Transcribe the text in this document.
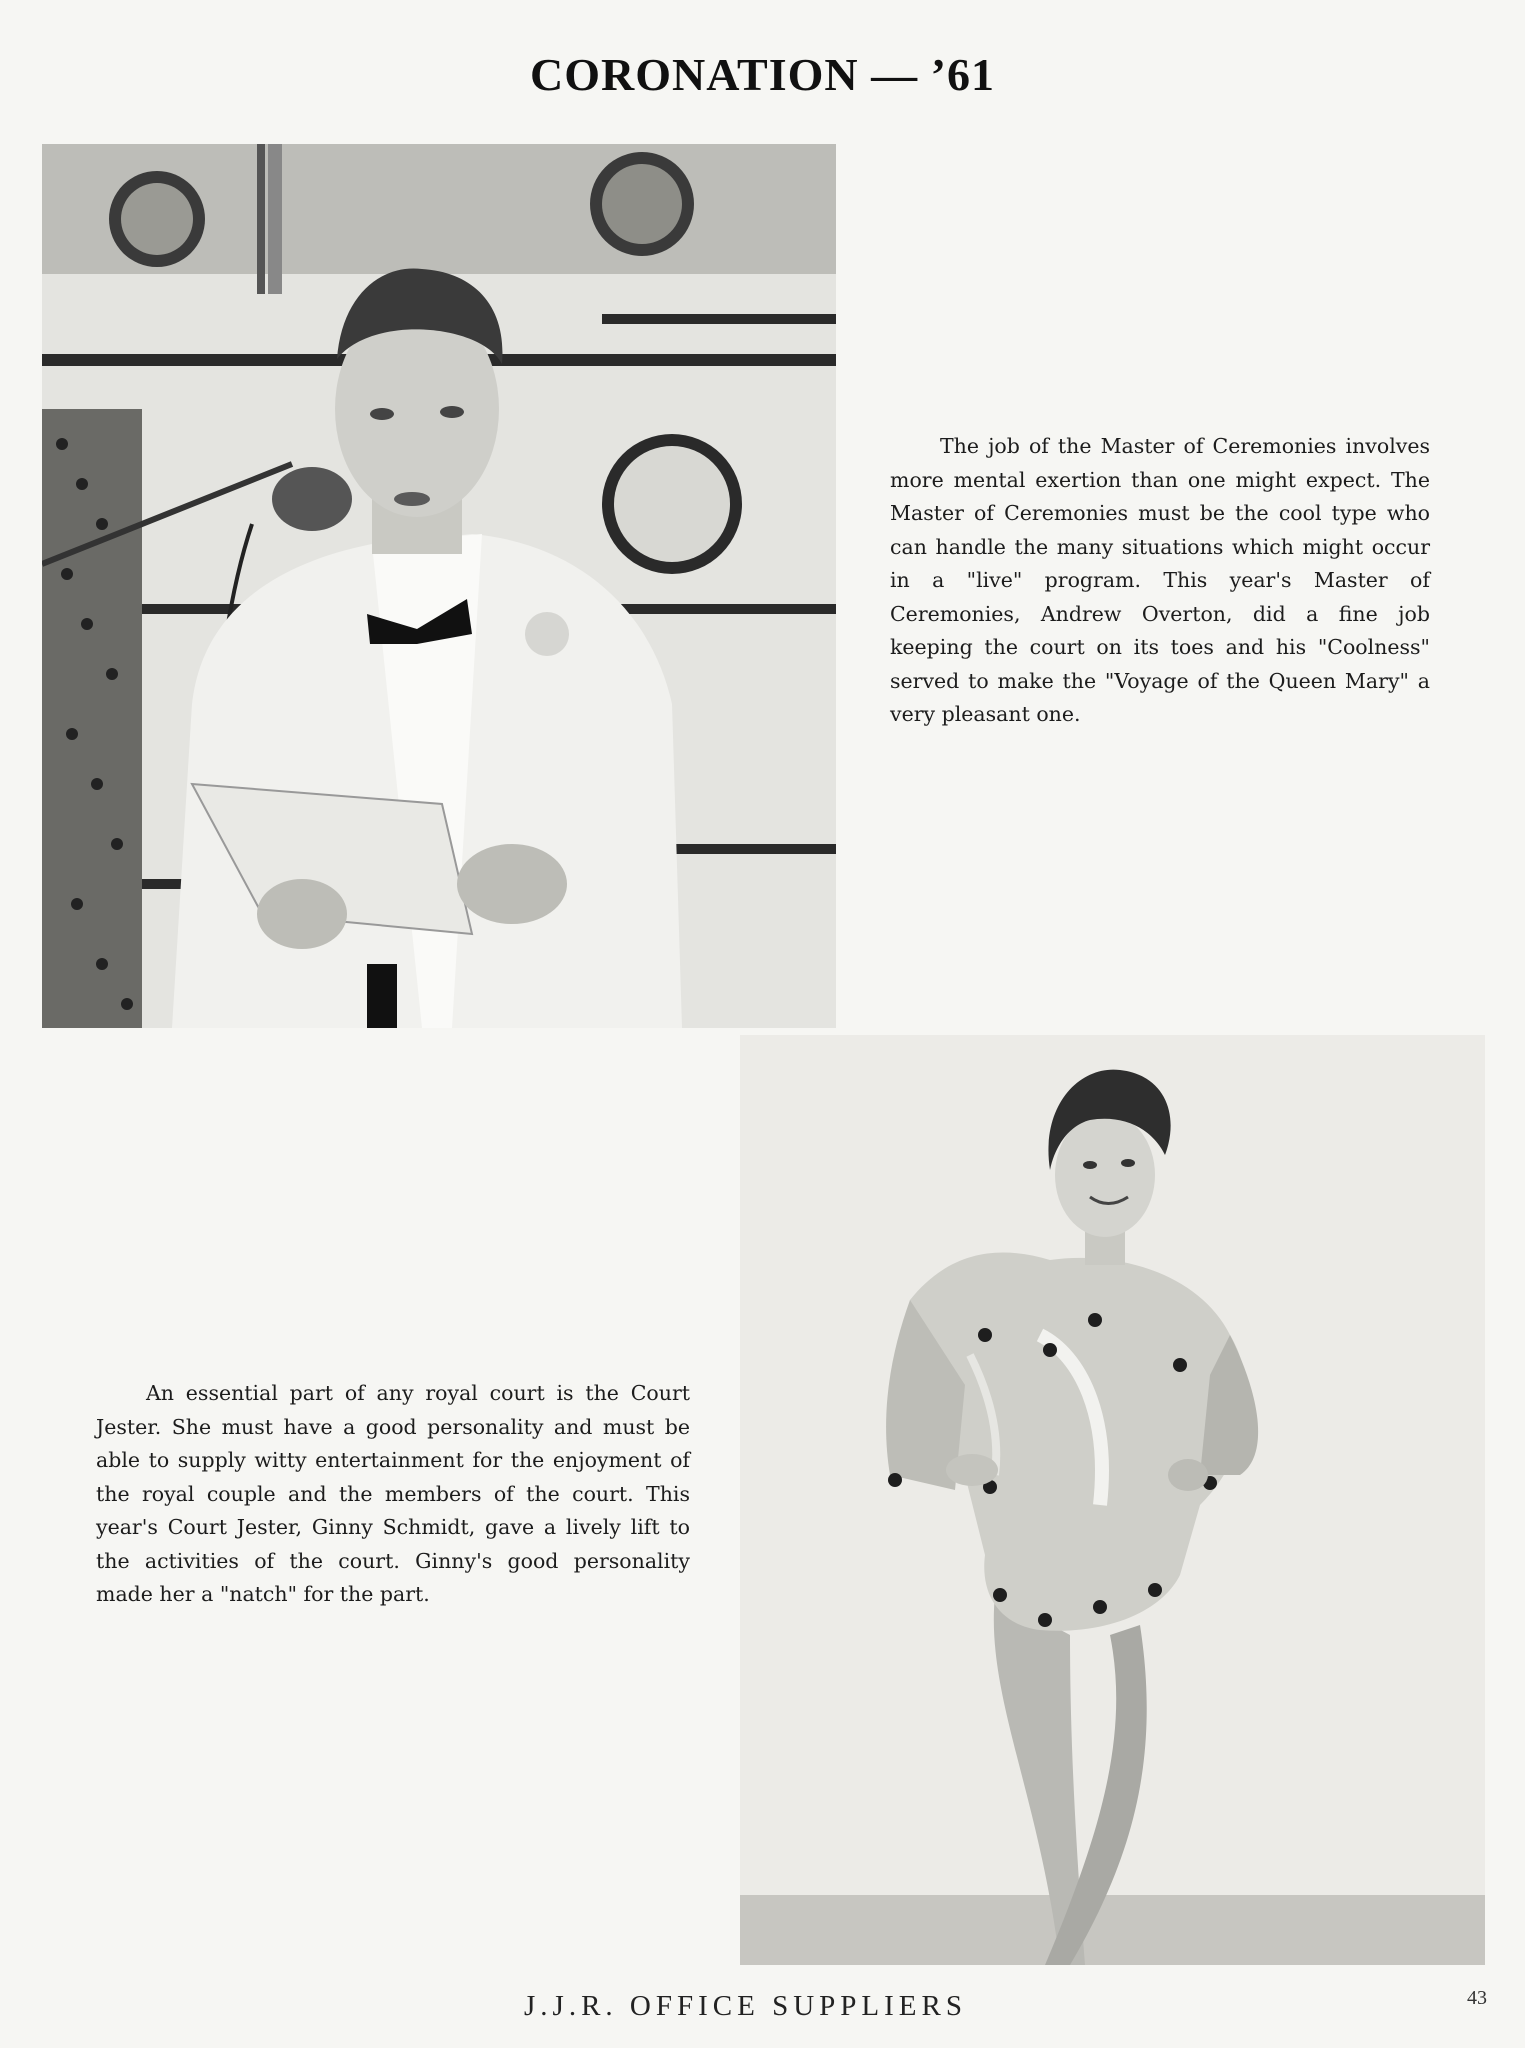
CORONATION — ’61

The job of the Master of Ceremonies involves more mental exertion than one might expect. The Master of Ceremonies must be the cool type who can handle the many situations which might occur in a "live" program. This year's Master of Ceremonies, Andrew Overton, did a fine job keeping the court on its toes and his "Coolness" served to make the "Voyage of the Queen Mary" a very pleasant one.

An essential part of any royal court is the Court Jester. She must have a good personality and must be able to supply witty entertainment for the enjoyment of the royal couple and the members of the court. This year's Court Jester, Ginny Schmidt, gave a lively lift to the activities of the court. Ginny's good personality made her a "natch" for the part.

J.J.R. OFFICE SUPPLIERS	43
